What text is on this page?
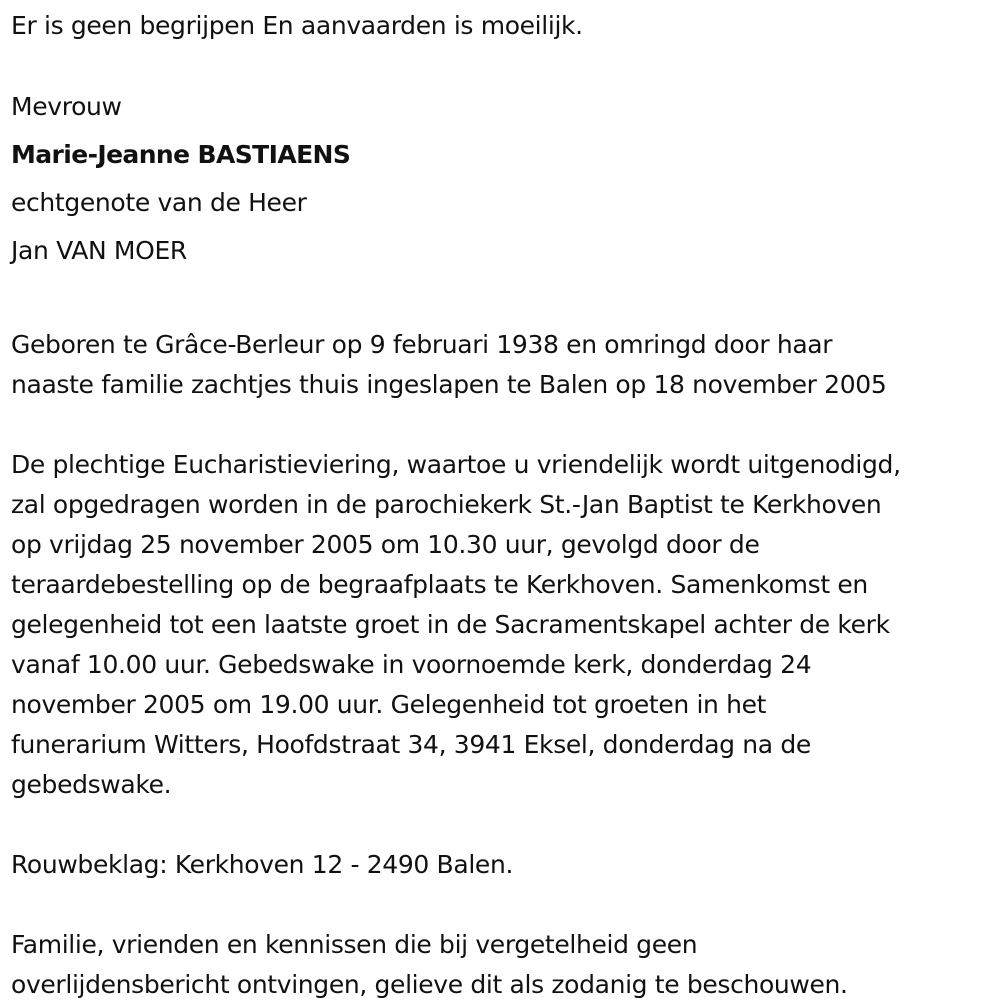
Er is geen begrijpen En aanvaarden is moeilijk.
Mevrouw
Marie-Jeanne BASTIAENS
echtgenote van de Heer
Jan VAN MOER
Geboren te Grâce-Berleur op 9 februari 1938 en omringd door haar
naaste familie zachtjes thuis ingeslapen te Balen op 18 november 2005
De plechtige Eucharistieviering, waartoe u vriendelijk wordt uitgenodigd,
zal opgedragen worden in de parochiekerk St.-Jan Baptist te Kerkhoven
op vrijdag 25 november 2005 om 10.30 uur, gevolgd door de
teraardebestelling op de begraafplaats te Kerkhoven. Samenkomst en
gelegenheid tot een laatste groet in de Sacramentskapel achter de kerk
vanaf 10.00 uur. Gebedswake in voornoemde kerk, donderdag 24
november 2005 om 19.00 uur. Gelegenheid tot groeten in het
funerarium Witters, Hoofdstraat 34, 3941 Eksel, donderdag na de
gebedswake.
Rouwbeklag: Kerkhoven 12 - 2490 Balen.
Familie, vrienden en kennissen die bij vergetelheid geen
overlijdensbericht ontvingen, gelieve dit als zodanig te beschouwen.
